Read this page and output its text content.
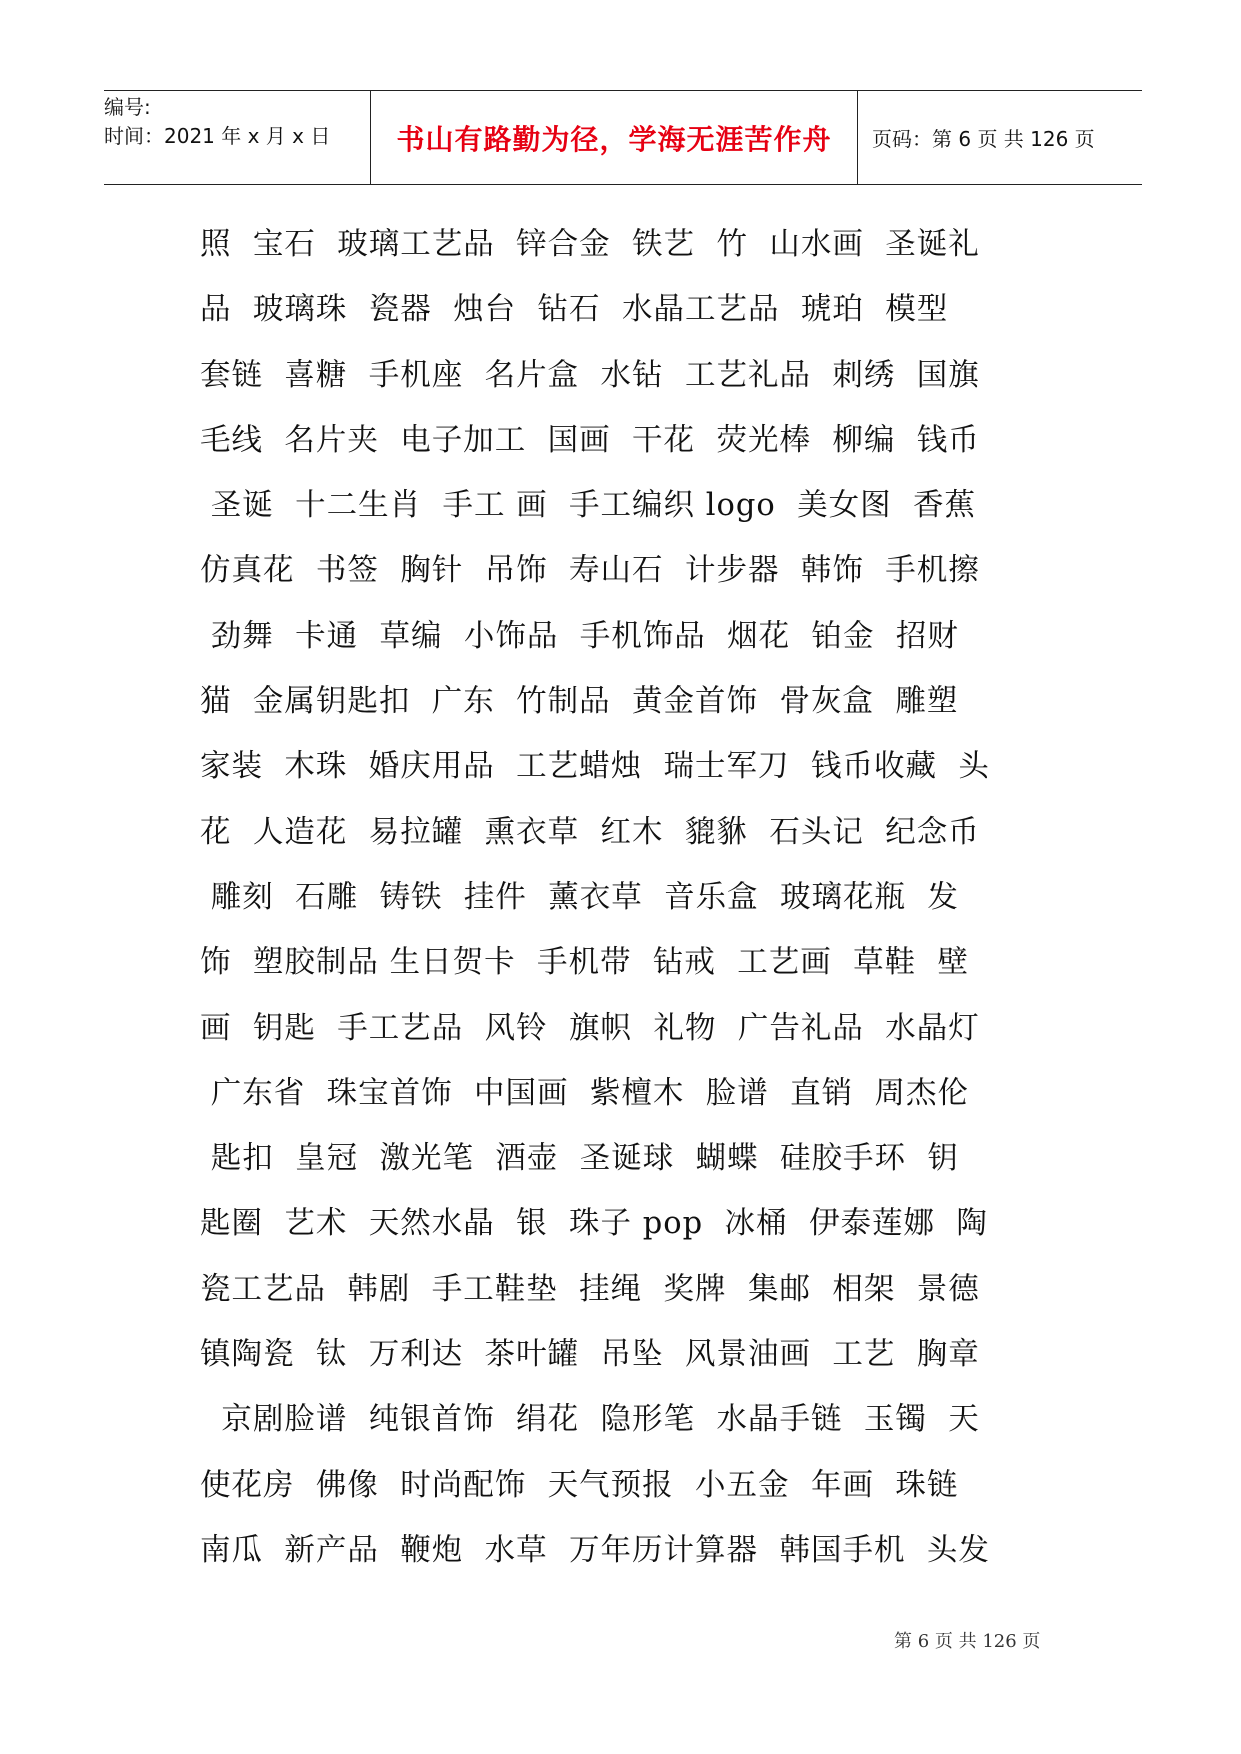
编号:
时间：2021 年 x 月 x 日	书山有路勤为径，学海无涯苦作舟 页码：第 6 页 共 126 页
照  宝石  玻璃工艺品  锌合金  铁艺  竹  山水画  圣诞礼
品  玻璃珠  瓷器  烛台  钻石  水晶工艺品  琥珀  模型
套链  喜糖  手机座  名片盒  水钻  工艺礼品  刺绣  国旗
毛线  名片夹  电子加工  国画  干花  荧光棒  柳编  钱币
圣诞  十二生肖  手工 画  手工编织 logo  美女图  香蕉
仿真花  书签  胸针  吊饰  寿山石  计步器  韩饰  手机擦
劲舞  卡通  草编  小饰品  手机饰品  烟花  铂金  招财
猫  金属钥匙扣  广东  竹制品  黄金首饰  骨灰盒  雕塑
家装  木珠  婚庆用品  工艺蜡烛  瑞士军刀  钱币收藏  头
花  人造花  易拉罐  熏衣草  红木  貔貅  石头记  纪念币
雕刻  石雕  铸铁  挂件  薰衣草  音乐盒  玻璃花瓶  发
饰  塑胶制品 生日贺卡  手机带  钻戒  工艺画  草鞋  壁
画  钥匙  手工艺品  风铃  旗帜  礼物  广告礼品  水晶灯
广东省  珠宝首饰  中国画  紫檀木  脸谱  直销  周杰伦
匙扣  皇冠  激光笔  酒壶  圣诞球  蝴蝶  硅胶手环  钥
匙圈  艺术  天然水晶  银  珠子 pop  冰桶  伊泰莲娜  陶
瓷工艺品  韩剧  手工鞋垫  挂绳  奖牌  集邮  相架  景德
镇陶瓷  钛  万利达  茶叶罐  吊坠  风景油画  工艺  胸章
京剧脸谱  纯银首饰  绢花  隐形笔  水晶手链  玉镯  天
使花房  佛像  时尚配饰  天气预报  小五金  年画  珠链
南瓜  新产品  鞭炮  水草  万年历计算器  韩国手机  头发
第 6 页 共 126 页
